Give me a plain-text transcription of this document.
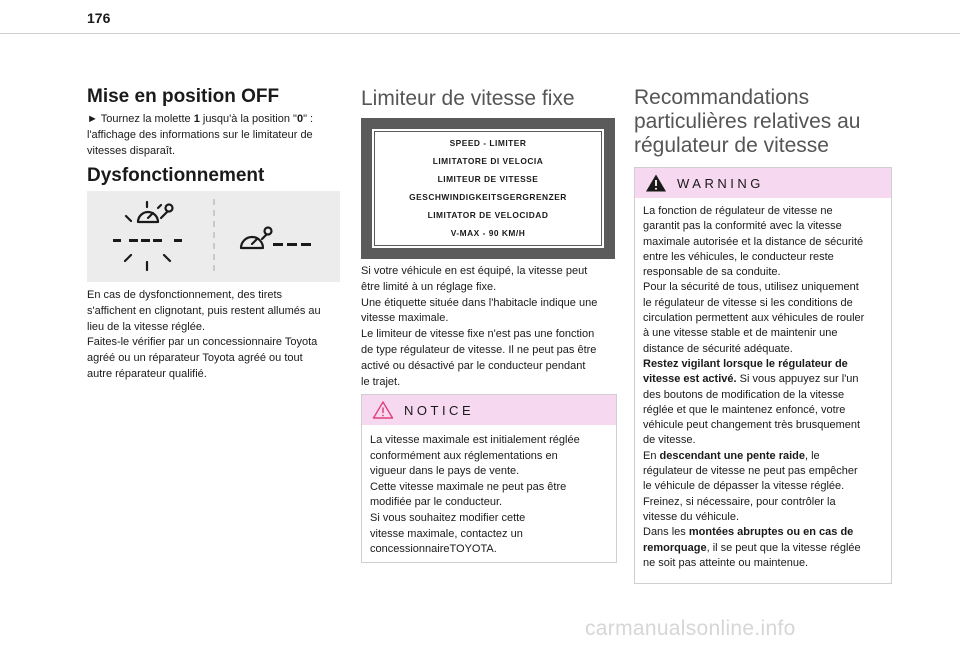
176
Mise en position OFF

► Tournez la molette 1 jusqu'à la position "0" :
l'affichage des informations sur le limitateur de
vitesses disparaît.

Dysfonctionnement

En cas de dysfonctionnement, des tirets
s'affichent en clignotant, puis restent allumés au
lieu de la vitesse réglée.
Faites-le vérifier par un concessionnaire Toyota
agréé ou un réparateur Toyota agréé ou tout
autre réparateur qualifié.

Limiteur de vitesse fixe
SPEED - LIMITER
LIMITATORE DI VELOCIA
LIMITEUR DE VITESSE
GESCHWINDIGKEITSGERGRENZER
LIMITATOR DE VELOCIDAD
V-MAX - 90 KM/H

Si votre véhicule en est équipé, la vitesse peut
être limité à un réglage fixe.
Une étiquette située dans l'habitacle indique une
vitesse maximale.
Le limiteur de vitesse fixe n'est pas une fonction
de type régulateur de vitesse. Il ne peut pas être
activé ou désactivé par le conducteur pendant
le trajet.

NOTICE
La vitesse maximale est initialement réglée
conformément aux réglementations en
vigueur dans le pays de vente.
Cette vitesse maximale ne peut pas être
modifiée par le conducteur.
Si vous souhaitez modifier cette
vitesse maximale, contactez un
concessionnaireTOYOTA.
Recommandations
particulières relatives au
régulateur de vitesse
WARNING
La fonction de régulateur de vitesse ne
garantit pas la conformité avec la vitesse
maximale autorisée et la distance de sécurité
entre les véhicules, le conducteur reste
responsable de sa conduite.
Pour la sécurité de tous, utilisez uniquement
le régulateur de vitesse si les conditions de
circulation permettent aux véhicules de rouler
à une vitesse stable et de maintenir une
distance de sécurité adéquate.
Restez vigilant lorsque le régulateur de
vitesse est activé. Si vous appuyez sur l'un
des boutons de modification de la vitesse
réglée et que le maintenez enfoncé, votre
véhicule peut changement très brusquement
de vitesse.
En descendant une pente raide, le
régulateur de vitesse ne peut pas empêcher
le véhicule de dépasser la vitesse réglée.
Freinez, si nécessaire, pour contrôler la
vitesse du véhicule.
Dans les montées abruptes ou en cas de
remorquage, il se peut que la vitesse réglée
ne soit pas atteinte ou maintenue.
carmanualsonline.info
